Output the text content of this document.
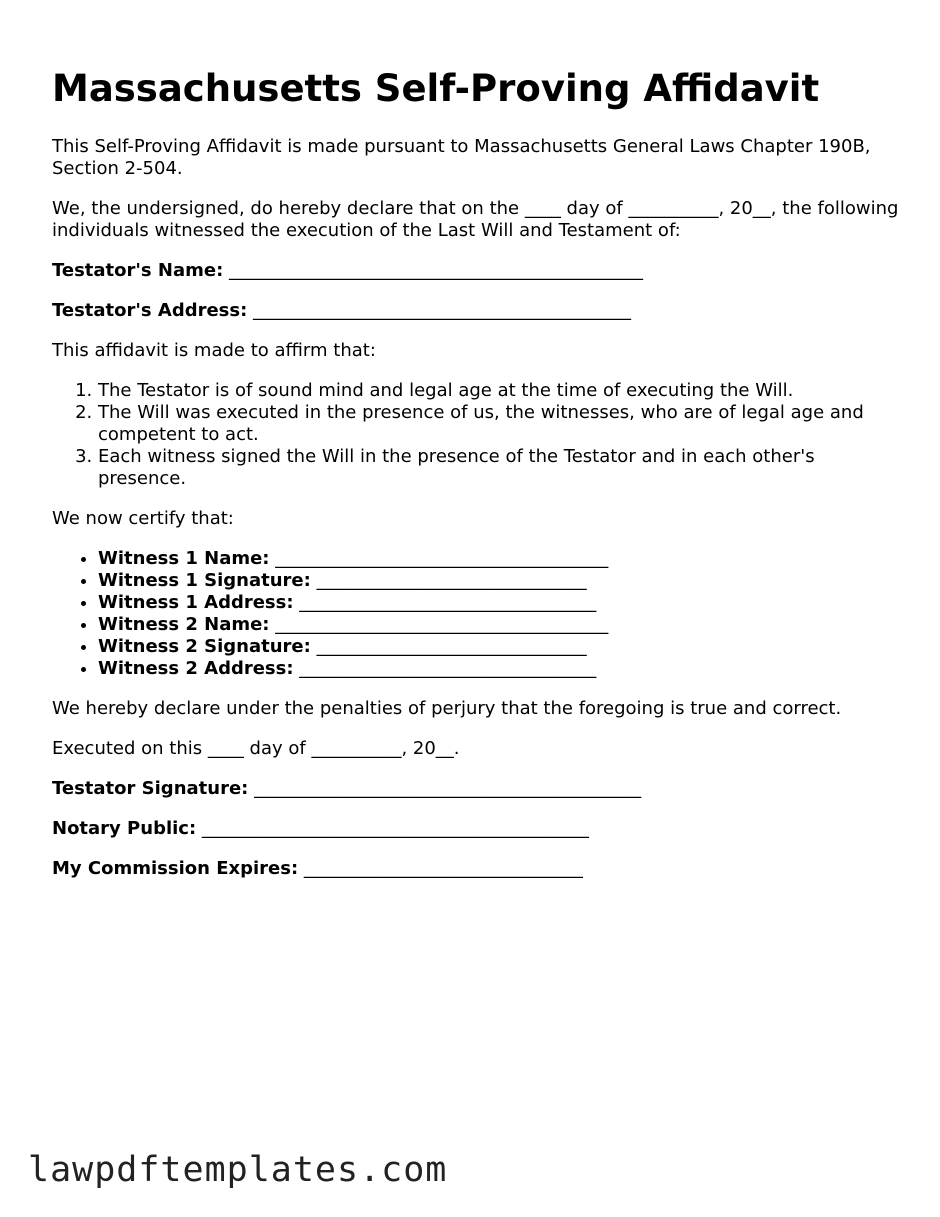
Massachusetts Self-Proving Affidavit

This Self-Proving Affidavit is made pursuant to Massachusetts General Laws Chapter 190B, Section 2-504.

We, the undersigned, do hereby declare that on the ____ day of __________, 20__, the following individuals witnessed the execution of the Last Will and Testament of:

Testator's Name: ______________________________________________

Testator's Address: __________________________________________

This affidavit is made to affirm that:

1. The Testator is of sound mind and legal age at the time of executing the Will.
2. The Will was executed in the presence of us, the witnesses, who are of legal age and competent to act.
3. Each witness signed the Will in the presence of the Testator and in each other's presence.

We now certify that:

• Witness 1 Name: _____________________________________
• Witness 1 Signature: ______________________________
• Witness 1 Address: _________________________________
• Witness 2 Name: _____________________________________
• Witness 2 Signature: ______________________________
• Witness 2 Address: _________________________________

We hereby declare under the penalties of perjury that the foregoing is true and correct.

Executed on this ____ day of __________, 20__.

Testator Signature: ___________________________________________

Notary Public: ___________________________________________

My Commission Expires: _______________________________

lawpdftemplates.com
